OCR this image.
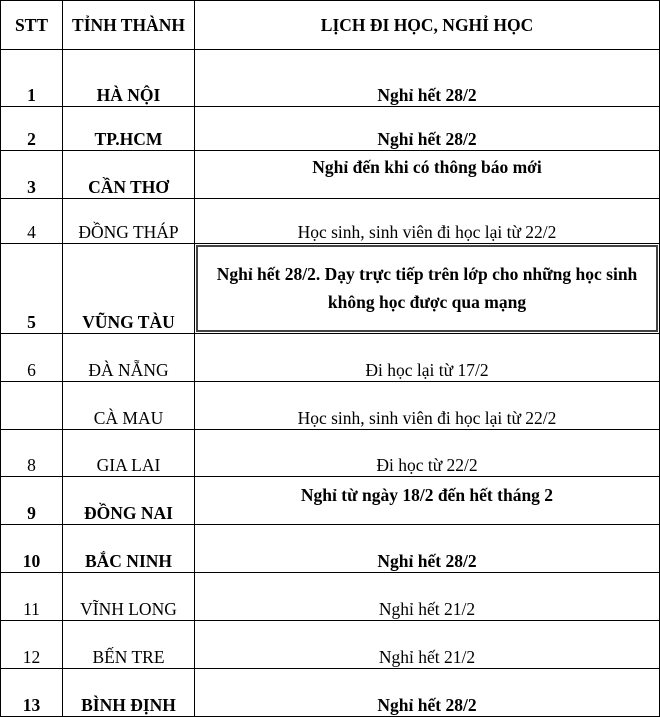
STT	TỈNH THÀNH	LỊCH ĐI HỌC, NGHỈ HỌC
1	HÀ NỘI	Nghỉ hết 28/2
2	TP.HCM	Nghỉ hết 28/2
3	CẦN THƠ	Nghỉ đến khi có thông báo mới
4	ĐỒNG THÁP	Học sinh, sinh viên đi học lại từ 22/2
5	VŨNG TÀU	Nghỉ hết 28/2. Dạy trực tiếp trên lớp cho những học sinh không học được qua mạng

6	ĐÀ NẴNG	Đi học lại từ 17/2
	CÀ MAU	Học sinh, sinh viên đi học lại từ 22/2
8	GIA LAI	Đi học từ 22/2
9	ĐỒNG NAI	Nghỉ từ ngày 18/2 đến hết tháng 2
10	BẮC NINH	Nghỉ hết 28/2
11	VĨNH LONG	Nghỉ hết 21/2
12	BẾN TRE	Nghỉ hết 21/2
13	BÌNH ĐỊNH	Nghỉ hết 28/2
